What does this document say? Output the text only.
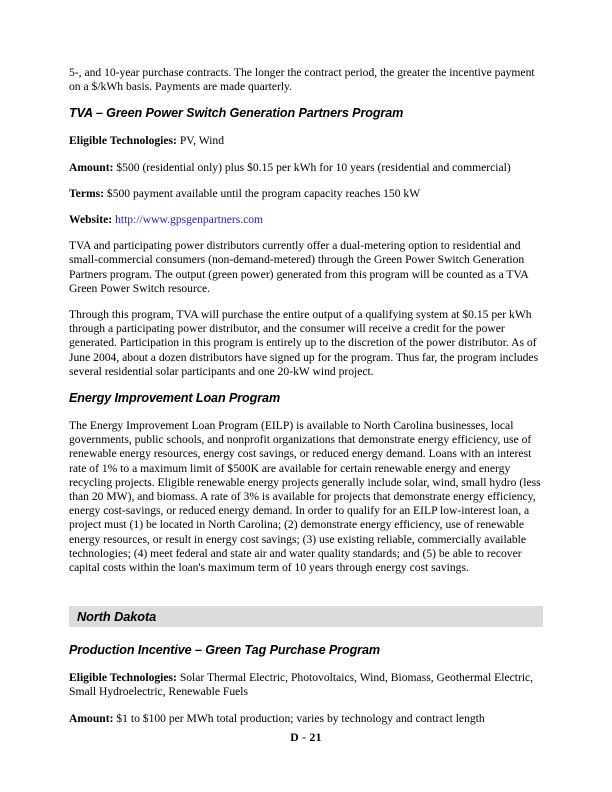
5-, and 10-year purchase contracts. The longer the contract period, the greater the incentive payment on a $/kWh basis. Payments are made quarterly.

TVA – Green Power Switch Generation Partners Program
Eligible Technologies: PV, Wind
Amount: $500 (residential only) plus $0.15 per kWh for 10 years (residential and commercial)
Terms: $500 payment available until the program capacity reaches 150 kW
Website: http://www.gpsgenpartners.com

TVA and participating power distributors currently offer a dual-metering option to residential and small-commercial consumers (non-demand-metered) through the Green Power Switch Generation Partners program. The output (green power) generated from this program will be counted as a TVA Green Power Switch resource.

Through this program, TVA will purchase the entire output of a qualifying system at $0.15 per kWh through a participating power distributor, and the consumer will receive a credit for the power generated. Participation in this program is entirely up to the discretion of the power distributor. As of June 2004, about a dozen distributors have signed up for the program. Thus far, the program includes several residential solar participants and one 20-kW wind project.

Energy Improvement Loan Program

The Energy Improvement Loan Program (EILP) is available to North Carolina businesses, local governments, public schools, and nonprofit organizations that demonstrate energy efficiency, use of renewable energy resources, energy cost savings, or reduced energy demand. Loans with an interest rate of 1% to a maximum limit of $500K are available for certain renewable energy and energy recycling projects. Eligible renewable energy projects generally include solar, wind, small hydro (less than 20 MW), and biomass. A rate of 3% is available for projects that demonstrate energy efficiency, energy cost-savings, or reduced energy demand. In order to qualify for an EILP low-interest loan, a project must (1) be located in North Carolina; (2) demonstrate energy efficiency, use of renewable energy resources, or result in energy cost savings; (3) use existing reliable, commercially available technologies; (4) meet federal and state air and water quality standards; and (5) be able to recover capital costs within the loan's maximum term of 10 years through energy cost savings.

North Dakota
Production Incentive – Green Tag Purchase Program
Eligible Technologies: Solar Thermal Electric, Photovoltaics, Wind, Biomass, Geothermal Electric, Small Hydroelectric, Renewable Fuels
Amount: $1 to $100 per MWh total production; varies by technology and contract length
D - 21
